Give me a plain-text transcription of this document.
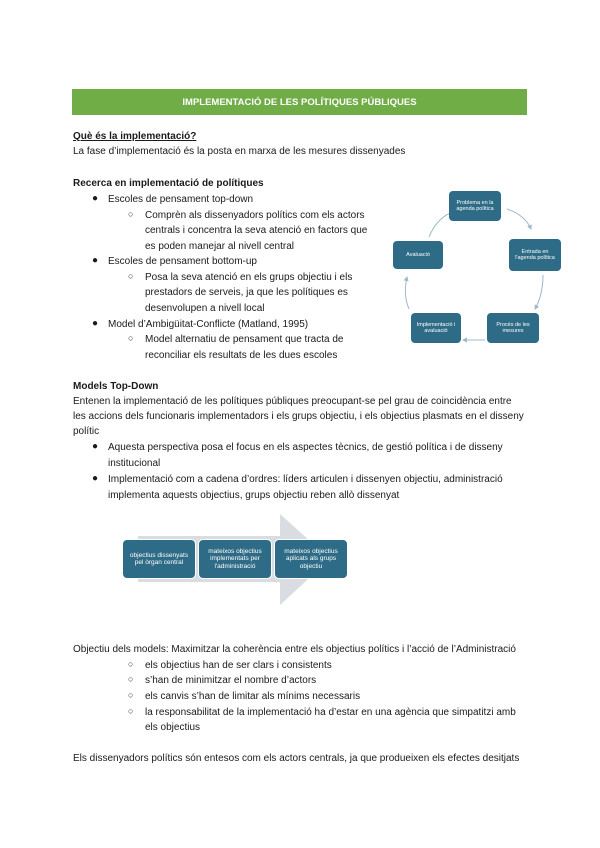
IMPLEMENTACIÓ DE LES POLÍTIQUES PÚBLIQUES
Què és la implementació?
La fase d’implementació és la posta en marxa de les mesures dissenyades
Recerca en implementació de polítiques
● Escoles de pensament top-down
○ Comprèn als dissenyadors polítics com els actors
centrals i concentra la seva atenció en factors que
es poden manejar al nivell central
● Escoles de pensament bottom-up
○ Posa la seva atenció en els grups objectiu i els
prestadors de serveis, ja que les polítiques es
desenvolupen a nivell local
● Model d’Ambigüitat-Conflicte (Matland, 1995)
○ Model alternatiu de pensament que tracta de
reconciliar els resultats de les dues escoles
Problema en la agenda política
Entrada en l'agenda política
Procés de les mesures
Implementació i avaluació
Avaluació
Models Top-Down
Entenen la implementació de les polítiques públiques preocupant-se pel grau de coincidència entre
les accions dels funcionaris implementadors i els grups objectiu, i els objectius plasmats en el disseny
polític
● Aquesta perspectiva posa el focus en els aspectes tècnics, de gestió política i de disseny
institucional
● Implementació com a cadena d’ordres: líders articulen i dissenyen objectiu, administració
implementa aquests objectius, grups objectiu reben allò dissenyat
objectius dissenyats pel òrgan central
mateixos objectius implementats per l'administració
mateixos objectius aplicats als grups objectiu
Objectiu dels models: Maximitzar la coherència entre els objectius polítics i l’acció de l’Administració
○ els objectius han de ser clars i consistents
○ s’han de minimitzar el nombre d’actors
○ els canvis s’han de limitar als mínims necessaris
○ la responsabilitat de la implementació ha d’estar en una agència que simpatitzi amb
els objectius
Els dissenyadors polítics són entesos com els actors centrals, ja que produeixen els efectes desitjats
